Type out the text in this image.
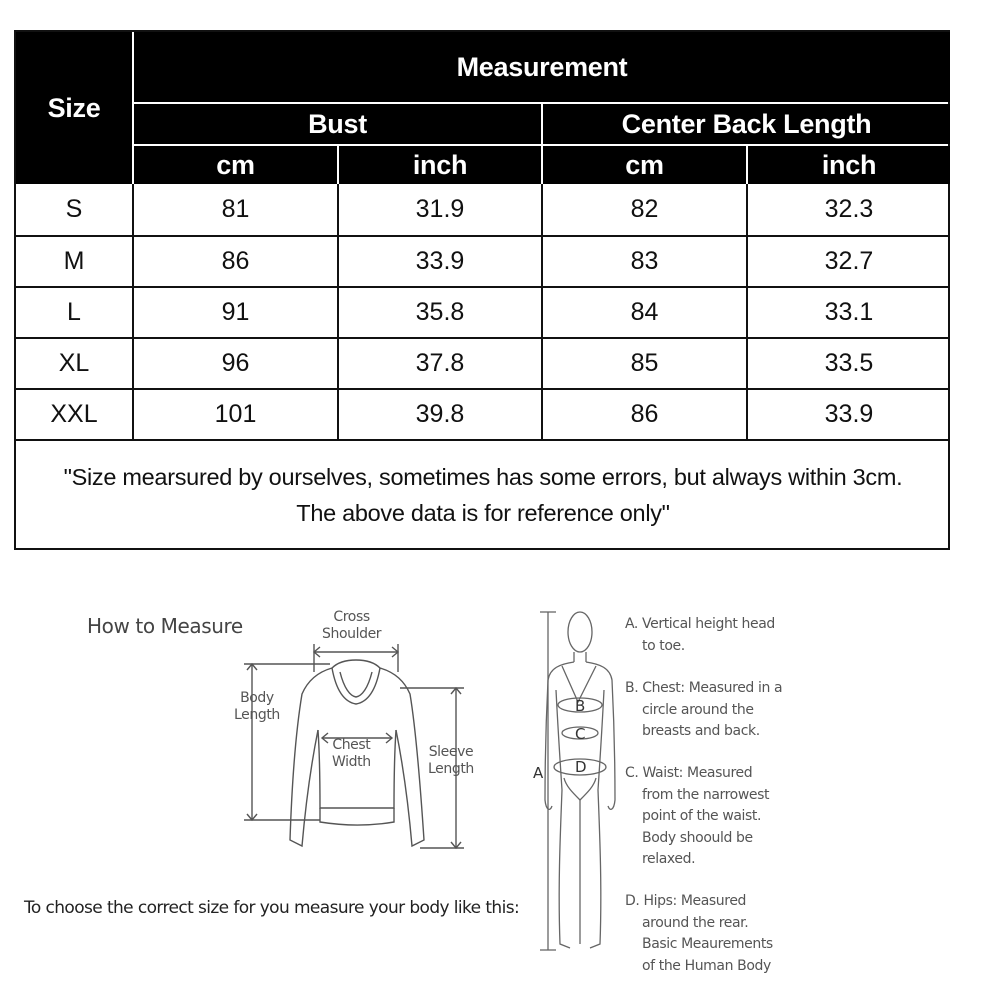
Size
Measurement
Bust	Center Back Length
cm	inch	cm	inch
S	81	31.9	82	32.3
M	86	33.9	83	32.7
L	91	35.8	84	33.1
XL	96	37.8	85	33.5
XXL	101	39.8	86	33.9
"Size mearsured by ourselves, sometimes has some errors, but always within 3cm.
The above data is for reference only"
How to Measure	Cross
Shoulder
Body
Length
Chest
Width
Sleeve
Length
To choose the correct size for you measure your body like this:
A
B
C
D
A. Vertical height head
to toe.
B. Chest: Measured in a
circle around the
breasts and back.
C. Waist: Measured
from the narrowest
point of the waist.
Body shoould be
relaxed.
D. Hips: Measured
around the rear.
Basic Meaurements
of the Human Body
